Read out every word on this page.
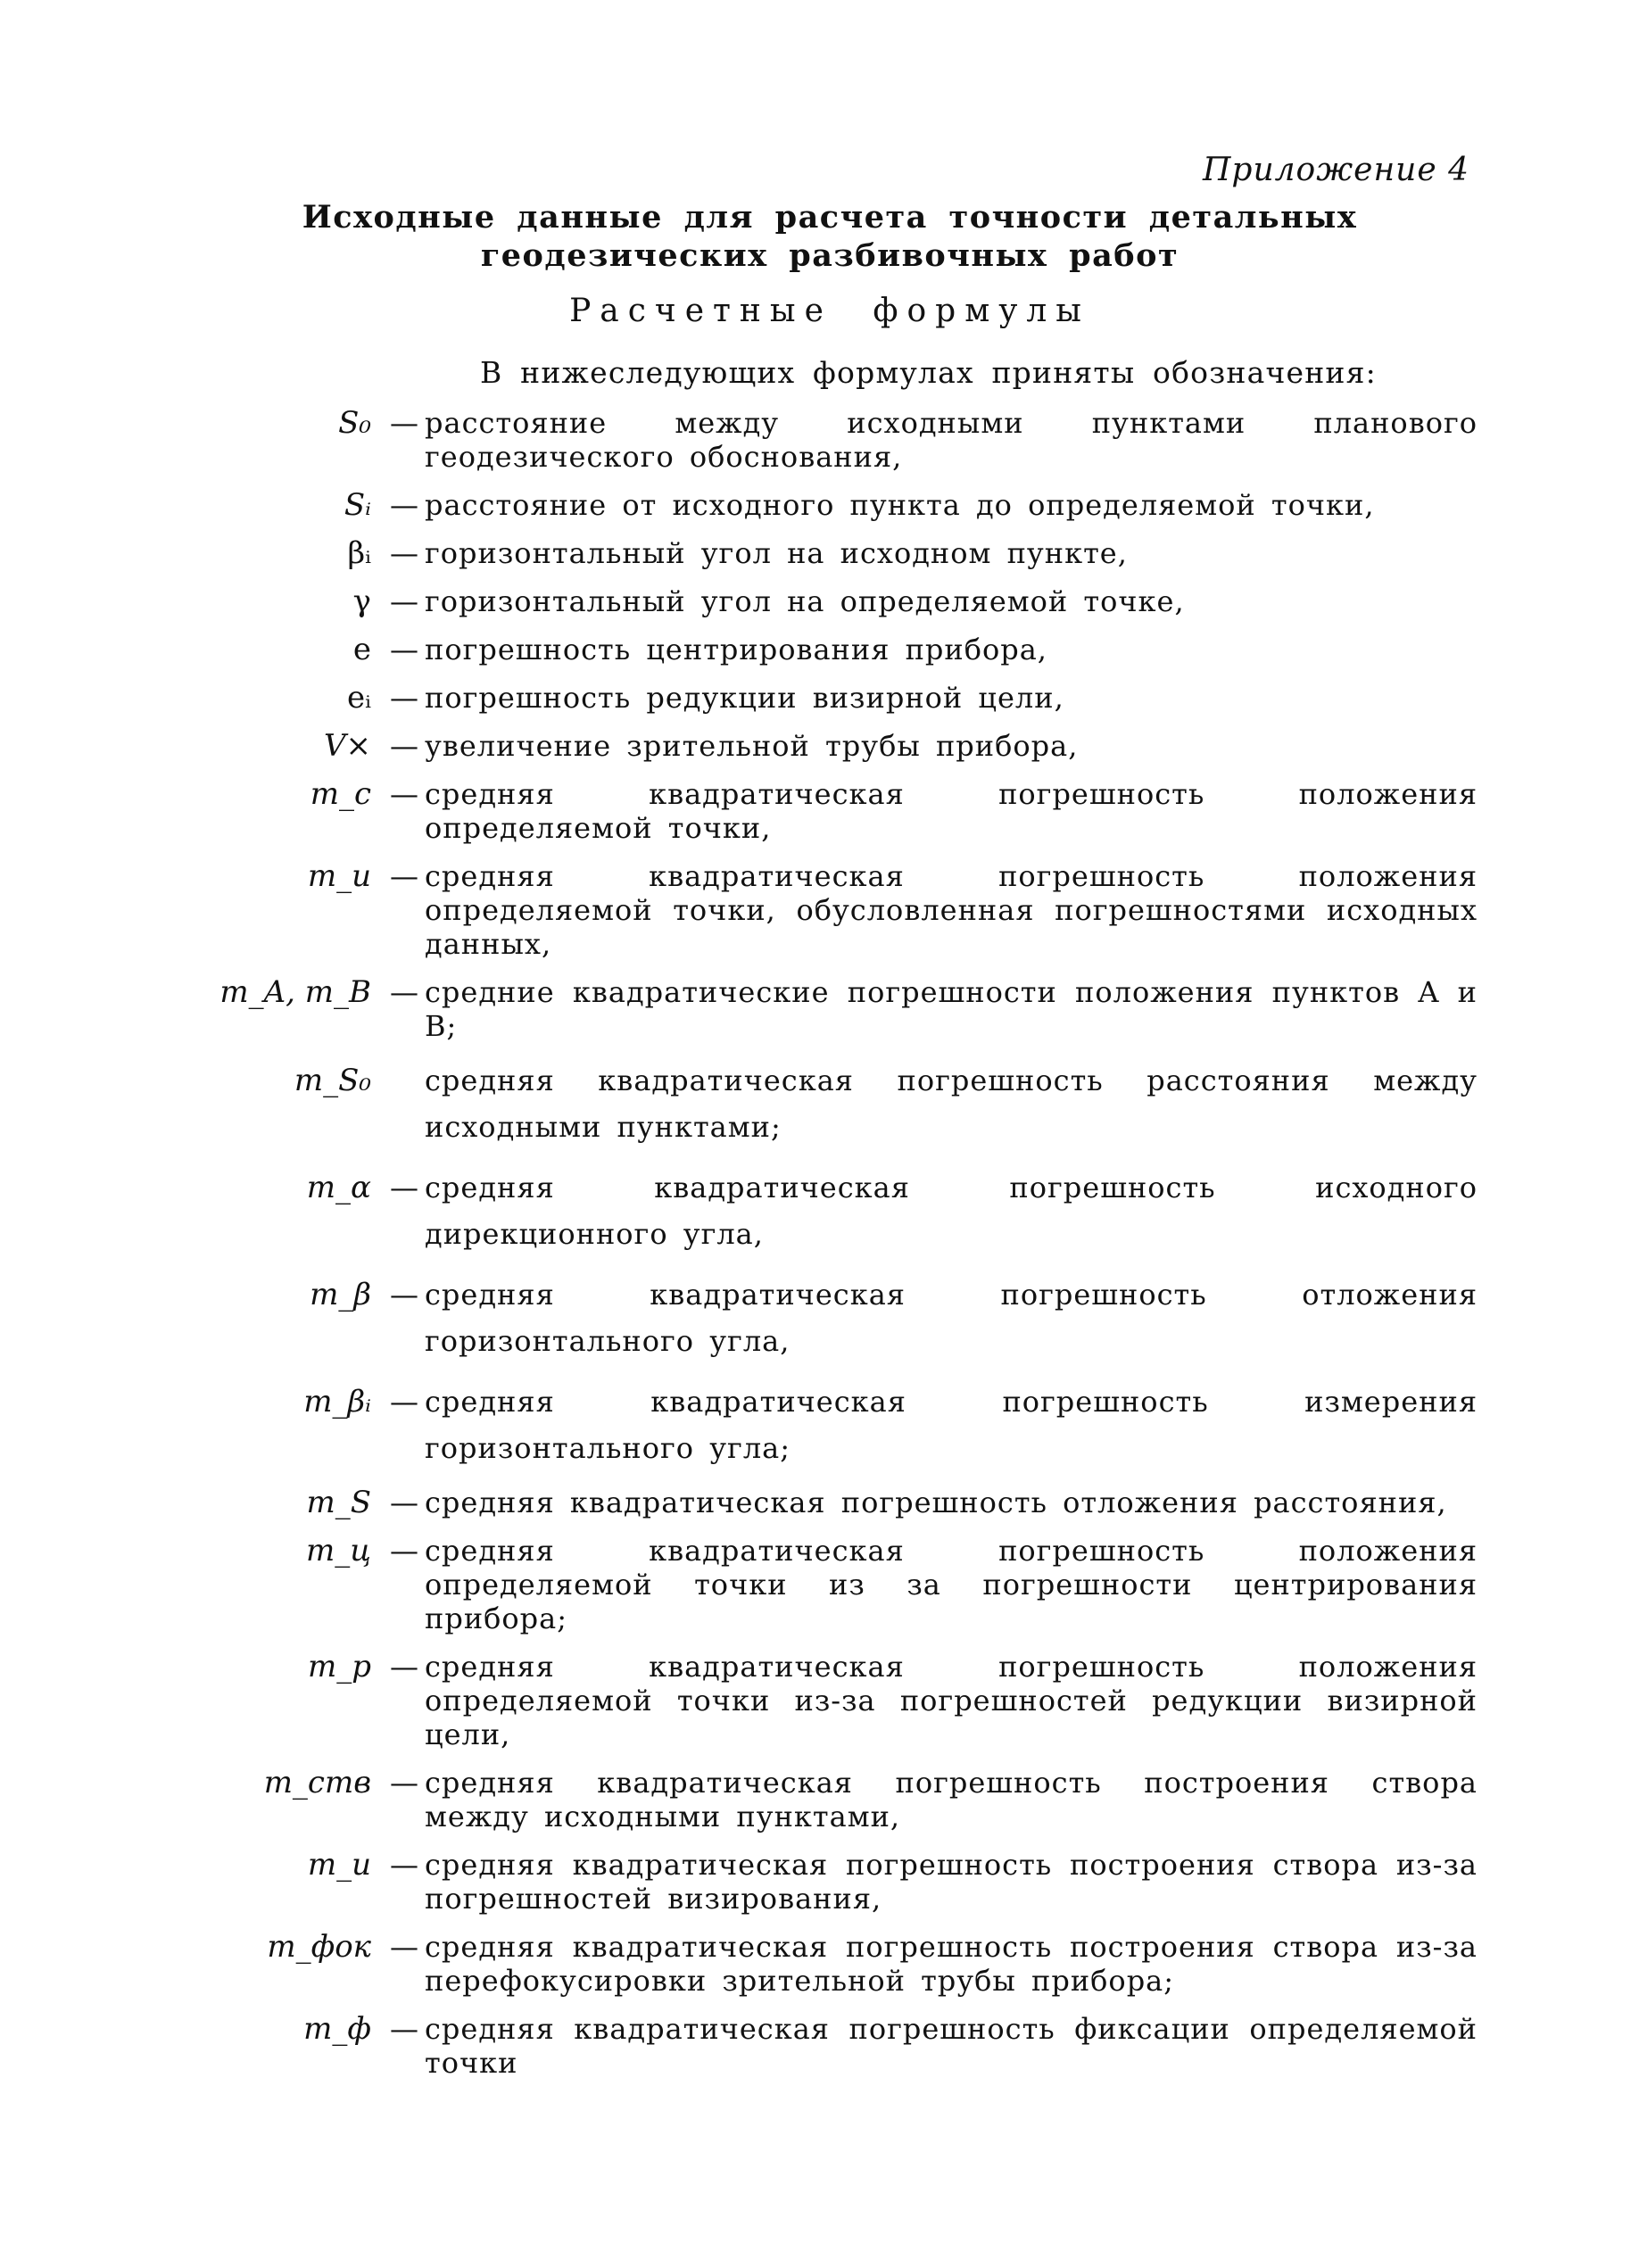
Приложение 4
Исходные данные для расчета точности детальных геодезических разбивочных работ
Расчетные формулы
В нижеследующих формулах приняты обозначения:
S₀ — расстояние между исходными пунктами планового геодезического обоснования,
Sᵢ — расстояние от исходного пункта до определяемой точки,
βᵢ — горизонтальный угол на исходном пункте,
γ — горизонтальный угол на определяемой точке,
e — погрешность центрирования прибора,
eᵢ — погрешность редукции визирной цели,
V× — увеличение зрительной трубы прибора,
m_c — средняя квадратическая погрешность положения определяемой точки,
m_и — средняя квадратическая погрешность положения определяемой точки, обусловленная погрешностями исходных данных,
m_A, m_B — средние квадратические погрешности положения пунктов A и B;
m_S₀	средняя квадратическая погрешность расстояния между исходными пунктами;
m_α — средняя квадратическая погрешность исходного дирекционного угла,
m_β — средняя квадратическая погрешность отложения горизонтального угла,
m_βᵢ — средняя квадратическая погрешность измерения горизонтального угла;
m_S — средняя квадратическая погрешность отложения расстояния,
m_ц — средняя квадратическая погрешность положения определяемой точки из за погрешности центрирования прибора;
m_р — средняя квадратическая погрешность положения определяемой точки из-за погрешностей редукции визирной цели,
m_ств — средняя квадратическая погрешность построения створа между исходными пунктами,
m_и — средняя квадратическая погрешность построения створа из-за погрешностей визирования,
m_фок — средняя квадратическая погрешность построения створа из-за перефокусировки зрительной трубы прибора;
m_ф — средняя квадратическая погрешность фиксации определяемой точки
